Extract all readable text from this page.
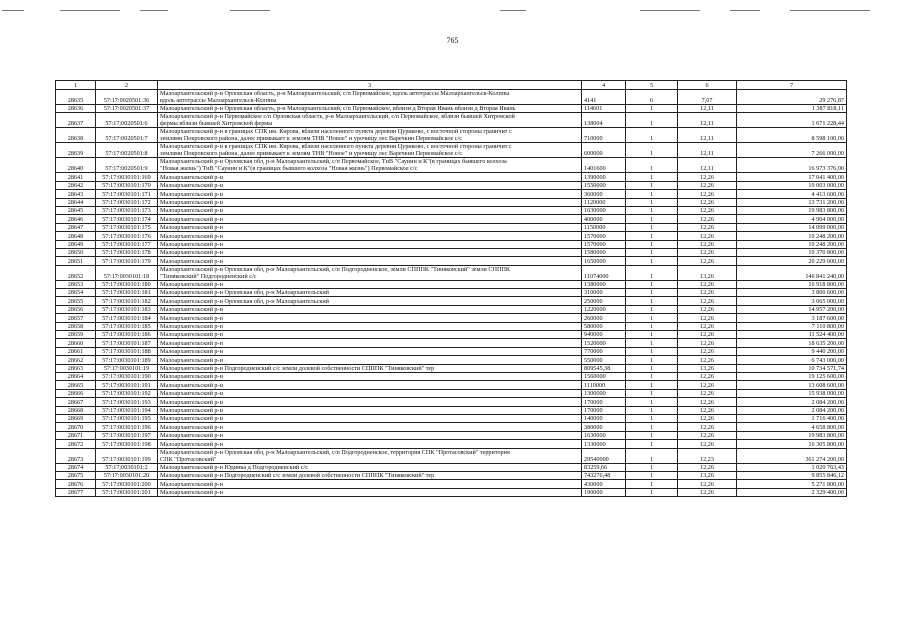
765
1	2	3	4	5	6	7
28635	57:17:0020501:36	Малоархангельский р-н Орловская область, р-н Малоархангельский, с/п Первомайское, вдоль автотрассы Малоархангельск-Колпны
вдоль автотрассы Малоархангельск-Колпны	4141	6	7,07	29 276,87
28636	57:17:0020501:37	Малоархангельский р-н Орловская область, р-н Малоархангельский, с/п Первомайское, вблизи д Вторая Ивань вблизи д Вторая Ивань	114601	1	12,11	1 387 818,11
28637	57:17:0020501:6	Малоархангельский р-н Первомайское с/п Орловская область, р-н Малоархангельский, с/п Первомайское, вблизи бывшей Хитровской
фермы вблизи бывшей Хитровской фермы	138004	1	12,11	1 671 228,44
28638	57:17:0020501:7	Малоархангельский р-н в границах СПК им. Кирова, вблизи населенного пункта деревни Цуриково, с восточной стороны граничит с
землями Покровского района, далее примыкает к землям ТНВ "Новое" и урочищу лес Варечкин Первомайское с/с	710000	1	12,11	8 598 100,00
28639	57:17:0020501:8	Малоархангельский р-н в границах СПК им. Кирова, вблизи населенного пункта деревни Цуриково, с восточной стороны граничит с
землями Покровского района, далее примыкает к землям ТНВ "Новое" и урочищу лес Варечкин Первомайское с/с	600000	1	12,11	7 266 000,00
28640	57:17:0020501:9	Малоархангельский р-н Орловская обл, р-н Малоархангельский, с/п Первомайское, ТнВ "Саунин и К"(в границах бывшего колхоза
"Новая жизнь") ТнВ "Саунин и К"(в границах бывшего колхоза "Новая жизнь") Первомайское с/с	1401600	1	12,11	16 973 376,00
28641	57:17:0030101:169	Малоархангельский р-н	1390000	1	12,26	17 041 400,00
28642	57:17:0030101:170	Малоархангельский р-н	1550000	1	12,26	19 003 000,00
28643	57:17:0030101:171	Малоархангельский р-н	360000	1	12,26	4 413 600,00
28644	57:17:0030101:172	Малоархангельский р-н	1120000	1	12,26	13 731 200,00
28645	57:17:0030101:173	Малоархангельский р-н	1630000	1	12,26	19 983 800,00
28646	57:17:0030101:174	Малоархангельский р-н	400000	1	12,26	4 904 000,00
28647	57:17:0030101:175	Малоархангельский р-н	1150000	1	12,26	14 099 000,00
28648	57:17:0030101:176	Малоархангельский р-н	1570000	1	12,26	19 248 200,00
28649	57:17:0030101:177	Малоархангельский р-н	1570000	1	12,26	19 248 200,00
28650	57:17:0030101:178	Малоархангельский р-н	1580000	1	12,26	19 370 800,00
28651	57:17:0030101:179	Малоархангельский р-н	1650000	1	12,26	20 229 000,00
28652	57:17:0030101:18	Малоархангельский р-н Орловская обл, р-н Малоархангельский, с/п Подгородненское, земли СПППК "Тиняковский" земли СПППК
"Тиняковский" Подгородненский с/с	11074000	1	13,26	146 841 240,00
28653	57:17:0030101:180	Малоархангельский р-н	1380000	1	12,26	16 918 800,00
28654	57:17:0030101:181	Малоархангельский р-н Орловская обл, р-н Малоархангельский	310000	1	12,26	3 800 600,00
28655	57:17:0030101:182	Малоархангельский р-н Орловская обл, р-н Малоархангельский	250000	1	12,26	3 065 000,00
28656	57:17:0030101:183	Малоархангельский р-н	1220000	1	12,26	14 957 200,00
28657	57:17:0030101:184	Малоархангельский р-н	260000	1	12,26	3 187 600,00
28658	57:17:0030101:185	Малоархангельский р-н	580000	1	12,26	7 110 800,00
28659	57:17:0030101:186	Малоархангельский р-н	940000	1	12,26	11 524 400,00
28660	57:17:0030101:187	Малоархангельский р-н	1520000	1	12,26	18 635 200,00
28661	57:17:0030101:188	Малоархангельский р-н	770000	1	12,26	9 440 200,00
28662	57:17:0030101:189	Малоархангельский р-н	550000	1	12,26	6 743 000,00
28663	57:17:0030101:19	Малоархангельский р-н Подгородненский с/с земли долевой собственности СПППК "Тиняковский" тер	809545,38	1	13,26	10 734 571,74
28664	57:17:0030101:190	Малоархангельский р-н	1560000	1	12,26	19 125 600,00
28665	57:17:0030101:191	Малоархангельский р-н	1110000	1	12,26	13 608 600,00
28666	57:17:0030101:192	Малоархангельский р-н	1300000	1	12,26	15 938 000,00
28667	57:17:0030101:193	Малоархангельский р-н	170000	1	12,26	2 084 200,00
28668	57:17:0030101:194	Малоархангельский р-н	170000	1	12,26	2 084 200,00
28669	57:17:0030101:195	Малоархангельский р-н	140000	1	12,26	1 716 400,00
28670	57:17:0030101:196	Малоархангельский р-н	380000	1	12,26	4 658 800,00
28671	57:17:0030101:197	Малоархангельский р-н	1630000	1	12,26	19 983 800,00
28672	57:17:0030101:198	Малоархангельский р-н	1330000	1	12,26	16 305 800,00
28673	57:17:0030101:199	Малоархангельский р-н Орловская обл, р-н Малоархангельский, с/п Подгородненское, территория СПК "Протасовский" территория
СПК "Протасовский"	29540000	1	12,23	361 274 200,00
28674	57:17:0030101:2	Малоархангельский р-н Юдинка д Подгородненский с/с	83259,66	1	12,26	1 020 763,43
28675	57:17:0030101:20	Малоархангельский р-н Подгородненский с/с земли долевой собственности СПППК "Тиняковский" тер	743276,48	1	13,26	9 855 846,12
28676	57:17:0030101:200	Малоархангельский р-н	430000	1	12,26	5 271 800,00
28677	57:17:0030101:201	Малоархангельский р-н	190000	1	12,26	2 329 400,00
